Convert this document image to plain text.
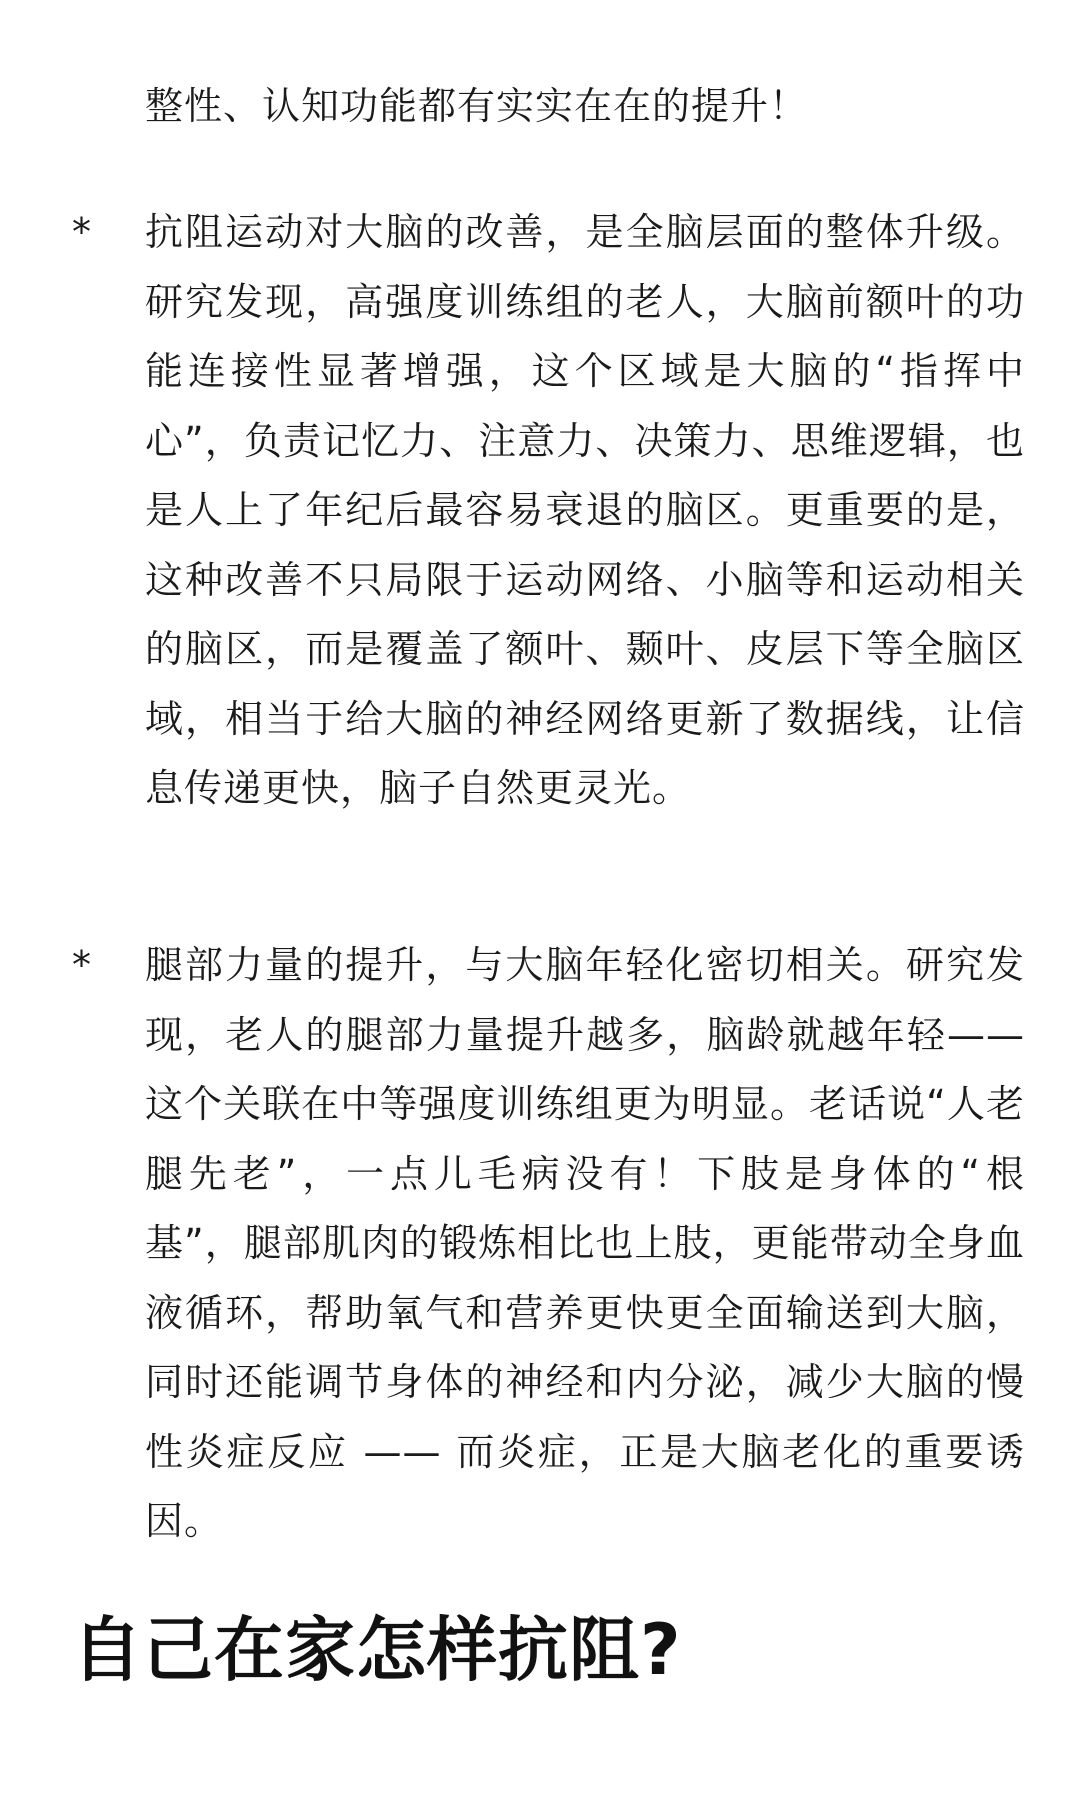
整性、认知功能都有实实在在的提升！

* 抗阻运动对大脑的改善，是全脑层面的整体升级。研究发现，高强度训练组的老人，大脑前额叶的功能连接性显著增强，这个区域是大脑的“指挥中心”，负责记忆力、注意力、决策力、思维逻辑，也是人上了年纪后最容易衰退的脑区。更重要的是，这种改善不只局限于运动网络、小脑等和运动相关的脑区，而是覆盖了额叶、颞叶、皮层下等全脑区域，相当于给大脑的神经网络更新了数据线，让信息传递更快，脑子自然更灵光。

* 腿部力量的提升，与大脑年轻化密切相关。研究发现，老人的腿部力量提升越多，脑龄就越年轻——这个关联在中等强度训练组更为明显。老话说“人老腿先老”，一点儿毛病没有！下肢是身体的“根基”，腿部肌肉的锻炼相比也上肢，更能带动全身血液循环，帮助氧气和营养更快更全面输送到大脑，同时还能调节身体的神经和内分泌，减少大脑的慢性炎症反应 —— 而炎症，正是大脑老化的重要诱因。

自己在家怎样抗阻?
